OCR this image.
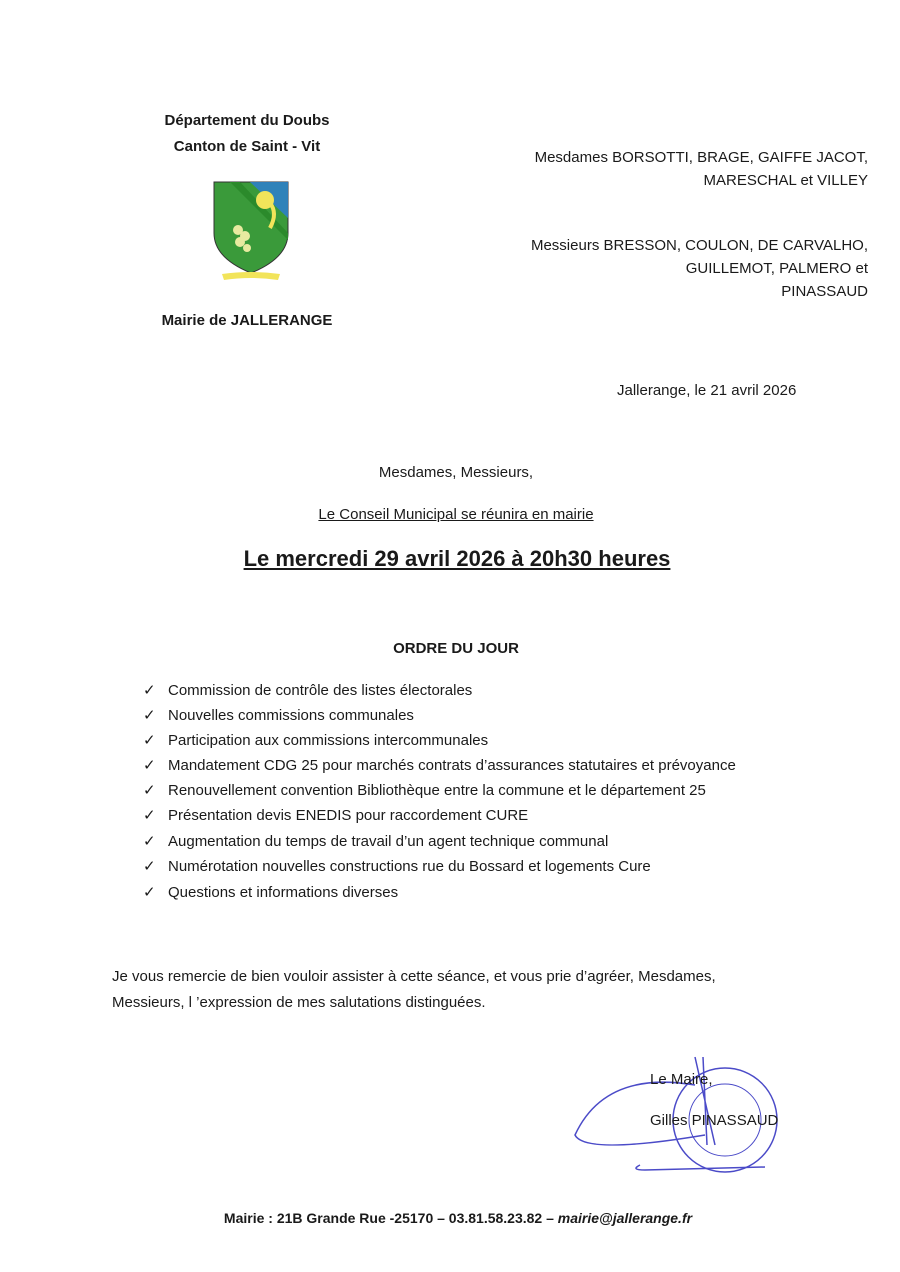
Département du Doubs
Canton de Saint - Vit
Mairie de JALLERANGE
Mesdames BORSOTTI, BRAGE, GAIFFE JACOT,
MARESCHAL et VILLEY
Messieurs BRESSON, COULON, DE CARVALHO,
GUILLEMOT, PALMERO et
PINASSAUD
Jallerange, le 21 avril 2026
Mesdames, Messieurs,
Le Conseil Municipal se réunira en mairie
Le mercredi 29 avril 2026 à 20h30 heures
ORDRE DU JOUR
✓ Commission de contrôle des listes électorales
✓ Nouvelles commissions communales
✓ Participation aux commissions intercommunales
✓ Mandatement CDG 25 pour marchés contrats d’assurances statutaires et prévoyance
✓ Renouvellement convention Bibliothèque entre la commune et le département 25
✓ Présentation devis ENEDIS pour raccordement CURE
✓ Augmentation du temps de travail d’un agent technique communal
✓ Numérotation nouvelles constructions rue du Bossard et logements Cure
✓ Questions et informations diverses
Je vous remercie de bien vouloir assister à cette séance, et vous prie d’agréer, Mesdames,
Messieurs, l ’expression de mes salutations distinguées.
Le Maire,
Gilles PINASSAUD
Mairie : 21B Grande Rue -25170 – 03.81.58.23.82 – mairie@jallerange.fr
